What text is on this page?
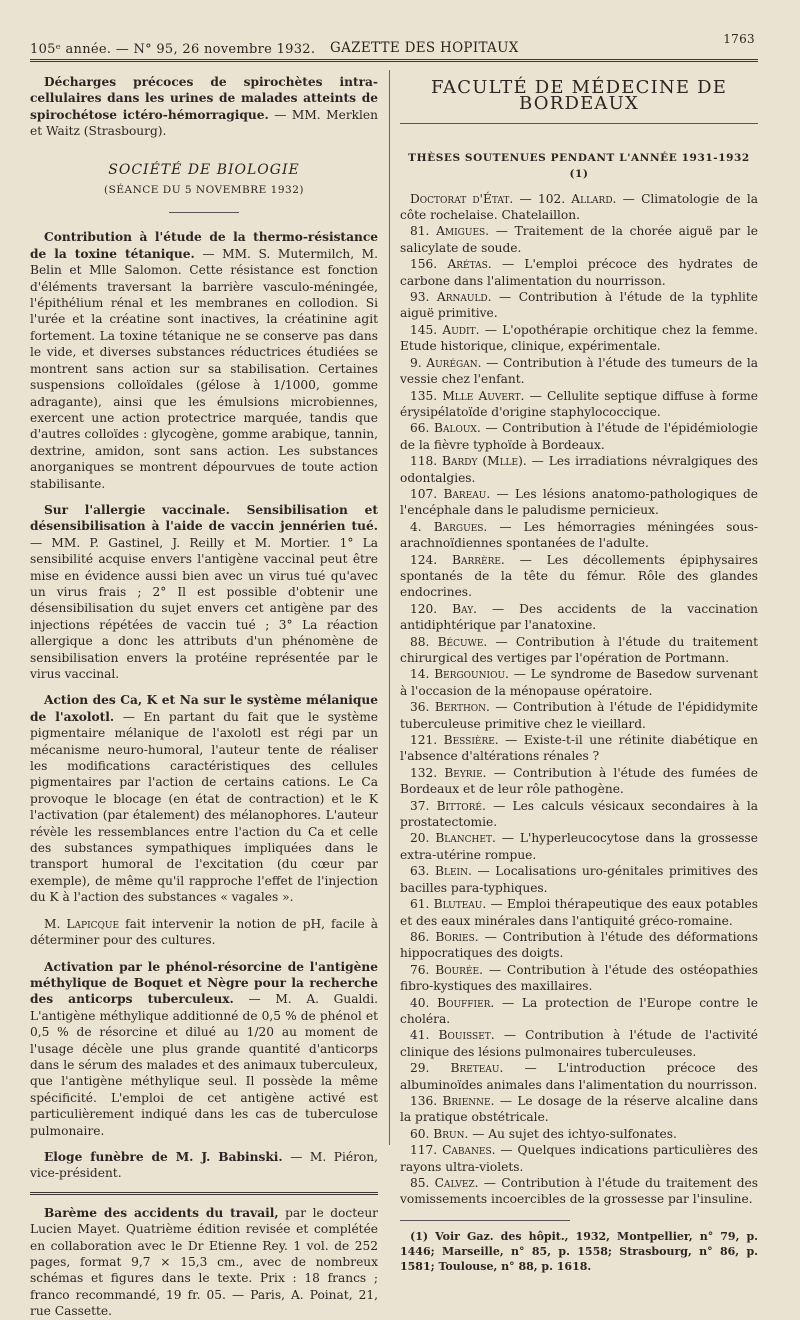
105ᵉ année. — N° 95, 26 novembre 1932. GAZETTE DES HOPITAUX
1763

Décharges précoces de spirochètes intra-cellulaires dans les urines de malades atteints de spirochétose ictéro-hémorragique. — MM. Merklen et Waitz (Strasbourg).

SOCIÉTÉ DE BIOLOGIE
(SÉANCE DU 5 NOVEMBRE 1932)

Contribution à l'étude de la thermo-résistance de la toxine tétanique. — MM. S. Mutermilch, M. Belin et Mlle Salomon. Cette résistance est fonction d'éléments traversant la barrière vasculo-méningée, l'épithélium rénal et les membranes en collodion. Si l'urée et la créatine sont inactives, la créatinine agit fortement. La toxine tétanique ne se conserve pas dans le vide, et diverses substances réductrices étudiées se montrent sans action sur sa stabilisation. Certaines suspensions colloïdales (gélose à 1/1000, gomme adragante), ainsi que les émulsions microbiennes, exercent une action protectrice marquée, tandis que d'autres colloïdes : glycogène, gomme arabique, tannin, dextrine, amidon, sont sans action. Les substances anorganiques se montrent dépourvues de toute action stabilisante.

Sur l'allergie vaccinale. Sensibilisation et désensibilisation à l'aide de vaccin jennérien tué. — MM. P. Gastinel, J. Reilly et M. Mortier. 1° La sensibilité acquise envers l'antigène vaccinal peut être mise en évidence aussi bien avec un virus tué qu'avec un virus frais ; 2° Il est possible d'obtenir une désensibilisation du sujet envers cet antigène par des injections répétées de vaccin tué ; 3° La réaction allergique a donc les attributs d'un phénomène de sensibilisation envers la protéine représentée par le virus vaccinal.

Action des Ca, K et Na sur le système mélanique de l'axolotl. — En partant du fait que le système pigmentaire mélanique de l'axolotl est régi par un mécanisme neuro-humoral, l'auteur tente de réaliser les modifications caractéristiques des cellules pigmentaires par l'action de certains cations. Le Ca provoque le blocage (en état de contraction) et le K l'activation (par étalement) des mélanophores. L'auteur révèle les ressemblances entre l'action du Ca et celle des substances sympathiques impliquées dans le transport humoral de l'excitation (du cœur par exemple), de même qu'il rapproche l'effet de l'injection du K à l'action des substances « vagales ».

M. Lapicque fait intervenir la notion de pH, facile à déterminer pour des cultures.

Activation par le phénol-résorcine de l'antigène méthylique de Boquet et Nègre pour la recherche des anticorps tuberculeux. — M. A. Gualdi. L'antigène méthylique additionné de 0,5 % de phénol et 0,5 % de résorcine et dilué au 1/20 au moment de l'usage décèle une plus grande quantité d'anticorps dans le sérum des malades et des animaux tuberculeux, que l'antigène méthylique seul. Il possède la même spécificité. L'emploi de cet antigène activé est particulièrement indiqué dans les cas de tuberculose pulmonaire.

Eloge funèbre de M. J. Babinski. — M. Piéron, vice-président.

Barème des accidents du travail, par le docteur Lucien Mayet. Quatrième édition revisée et complétée en collaboration avec le Dr Etienne Rey. 1 vol. de 252 pages, format 9,7 × 15,3 cm., avec de nombreux schémas et figures dans le texte. Prix : 18 francs ; franco recommandé, 19 fr. 05. — Paris, A. Poinat, 21, rue Cassette.

FACULTÉ DE MÉDECINE DE BORDEAUX
THÈSES SOUTENUES PENDANT L'ANNÉE 1931-1932 (1)

Doctorat d'État. — 102. Allard. — Climatologie de la côte rochelaise. Chatelaillon.

81. Amigues. — Traitement de la chorée aiguë par le salicylate de soude.

156. Arétas. — L'emploi précoce des hydrates de carbone dans l'alimentation du nourrisson.

93. Arnauld. — Contribution à l'étude de la typhlite aiguë primitive.

145. Audit. — L'opothérapie orchitique chez la femme. Etude historique, clinique, expérimentale.

9. Aurégan. — Contribution à l'étude des tumeurs de la vessie chez l'enfant.

135. Mlle Auvert. — Cellulite septique diffuse à forme érysipélatoïde d'origine staphylococcique.

66. Baloux. — Contribution à l'étude de l'épidémiologie de la fièvre typhoïde à Bordeaux.

118. Bardy (Mlle). — Les irradiations névralgiques des odontalgies.

107. Bareau. — Les lésions anatomo-pathologiques de l'encéphale dans le paludisme pernicieux.

4. Bargues. — Les hémorragies méningées sous-arachnoïdiennes spontanées de l'adulte.

124. Barrère. — Les décollements épiphysaires spontanés de la tête du fémur. Rôle des glandes endocrines.

120. Bay. — Des accidents de la vaccination antidiphtérique par l'anatoxine.

88. Bécuwe. — Contribution à l'étude du traitement chirurgical des vertiges par l'opération de Portmann.

14. Bergouniou. — Le syndrome de Basedow survenant à l'occasion de la ménopause opératoire.

36. Berthon. — Contribution à l'étude de l'épididymite tuberculeuse primitive chez le vieillard.

121. Bessière. — Existe-t-il une rétinite diabétique en l'absence d'altérations rénales ?

132. Beyrie. — Contribution à l'étude des fumées de Bordeaux et de leur rôle pathogène.

37. Bittoré. — Les calculs vésicaux secondaires à la prostatectomie.

20. Blanchet. — L'hyperleucocytose dans la grossesse extra-utérine rompue.

63. Blein. — Localisations uro-génitales primitives des bacilles para-typhiques.

61. Bluteau. — Emploi thérapeutique des eaux potables et des eaux minérales dans l'antiquité gréco-romaine.

86. Bories. — Contribution à l'étude des déformations hippocratiques des doigts.

76. Bourée. — Contribution à l'étude des ostéopathies fibro-kystiques des maxillaires.

40. Bouffier. — La protection de l'Europe contre le choléra.

41. Bouisset. — Contribution à l'étude de l'activité clinique des lésions pulmonaires tuberculeuses.

29. Breteau. — L'introduction précoce des albuminoïdes animales dans l'alimentation du nourrisson.

136. Brienne. — Le dosage de la réserve alcaline dans la pratique obstétricale.

60. Brun. — Au sujet des ichtyo-sulfonates.

117. Cabanes. — Quelques indications particulières des rayons ultra-violets.

85. Calvez. — Contribution à l'étude du traitement des vomissements incoercibles de la grossesse par l'insuline.

(1) Voir Gaz. des hôpit., 1932, Montpellier, n° 79, p. 1446; Marseille, n° 85, p. 1558; Strasbourg, n° 86, p. 1581; Toulouse, n° 88, p. 1618.
